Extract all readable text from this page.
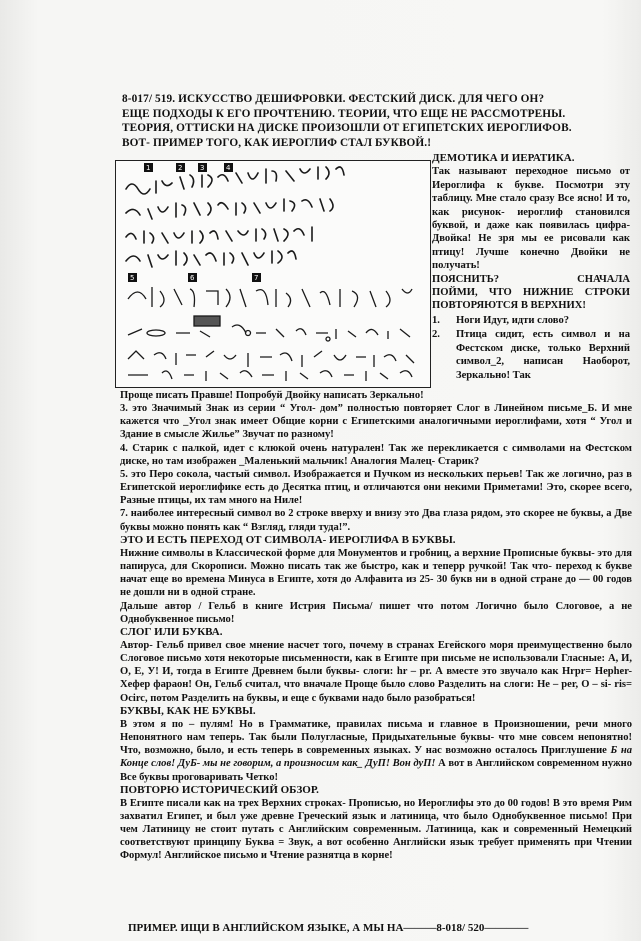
8-017/ 519. ИСКУССТВО ДЕШИФРОВКИ. ФЕСТСКИЙ ДИСК. ДЛЯ ЧЕГО ОН?
ЕЩЕ ПОДХОДЫ К ЕГО ПРОЧТЕНИЮ. ТЕОРИИ, ЧТО ЕЩЕ НЕ РАССМОТРЕНЫ.
ТЕОРИЯ, ОТТИСКИ НА ДИСКЕ ПРОИЗОШЛИ ОТ ЕГИПЕТСКИХ ИЕРОГЛИФОВ.
ВОТ- ПРИМЕР ТОГО, КАК ИЕРОГЛИФ СТАЛ БУКВОЙ.!
1	2	3	4
5	6	7
ДЕМОТИКА И ИЕРАТИКА.

Так называют переходное письмо от Иероглифа к букве. Посмотри эту таблицу. Мне стало сразу Все ясно! И то, как рисунок- иероглиф становился буквой, и даже как появилась цифра- Двойка! Не зря мы ее рисовали как птицу! Лучше конечно Двойки не получать!

ПОЯСНИТЬ?	СНАЧАЛА

ПОЙМИ, ЧТО НИЖНИЕ СТРОКИ ПОВТОРЯЮТСЯ В ВЕРХНИХ!

1.	Ноги Идут, идти слово?
2.	Птица сидит, есть символ и на Фестском диске, только Верхний символ_2, написан Наоборот, Зеркально! Так

Проще писать Правше! Попробуй Двойку написать Зеркально!

3. это Значимый Знак из серии “ Угол- дом” полностью повторяет Слог в Линейном письме_Б. И мне кажется что _Угол знак имеет Общие корни с Египетскими аналогичными иероглифами, хотя “ Угол и Здание в смысле Жилье” Звучат по разному!

4. Старик с палкой, идет с клюкой очень натурален! Так же перекликается с символами на Фестском диске, но там изображен _Маленький мальчик! Аналогия Малец- Старик?

5. это Перо сокола, частый символ. Изображается и Пучком из нескольких перьев! Так же логично, раз в Египетской иероглифике есть до Десятка птиц, и отличаются они некими Приметами! Это, скорее всего, Разные птицы, их там много на Ниле!

7. наиболее интересный символ во 2 строке вверху и внизу это Два глаза рядом, это скорее не буквы, а Две буквы можно понять как “ Взгляд, гляди туда!”.

ЭТО И ЕСТЬ ПЕРЕХОД ОТ СИМВОЛА- ИЕРОГЛИФА В БУКВЫ.

Нижние символы в Классической форме для Монументов и гробниц, а верхние Прописные буквы- это для папируса, для Скорописи. Можно писать так же быстро, как и теперр ручкой! Так что- переход к букве начат еще во времена Минуса в Египте, хотя до Алфавита из 25- 30 букв ни в одной стране до — 00 годов не дошли ни в одной стране.

Дальше автор / Гельб в книге Истрия Письма/ пишет что потом Логично было Слоговое, а не Однобуквенное письмо!

СЛОГ ИЛИ БУКВА.

Автор- Гельб привел свое мнение насчет того, почему в странах Егейского моря преимущественно было Слоговое письмо хотя некоторые письменности, как в Египте при письме не использовали Гласные: А, И, О, Е, У! И, тогда в Египте Древнем были буквы- слоги: hr – pr. А вместе это звучало как Hrpr= Hepher- Хефер фараон! Он, Гельб считал, что вначале Проще было слово Разделить на слоги: He – per, O – si- ris= Ocirc, потом Разделить на буквы, и еще с буквами надо было разобраться!

БУКВЫ, КАК НЕ БУКВЫ.

В этом я по – пулям! Но в Грамматике, правилах письма и главное в Произношении, речи много Непонятного нам теперь. Так были Полугласные, Придыхательные буквы- что мне совсем непонятно! Что, возможно, было, и есть теперь в современных языках. У нас возможно осталось Приглушение Б на Конце слов! ДуБ- мы не говорим, а произносим как_ ДуП! Вон дуП! А вот в Английском современном нужно Все буквы проговаривать Четко!

ПОВТОРЮ ИСТОРИЧЕСКИЙ ОБЗОР.

В Египте писали как на трех Верхних строках- Прописью, но Иероглифы это до 00 годов! В это время Рим захватил Египет, и был уже древне Греческий язык и латиница, что было Однобуквенное письмо! При чем Латиницу не стоит путать с Английским современным. Латиница, как и современный Немецкий соответствуют принципу Буква = Звук, а вот особенно Английски язык требует применять при Чтении Формул! Английское письмо и Чтение разнятца в корне!

ПРИМЕР. ИЩИ В АНГЛИЙСКОМ ЯЗЫКЕ, А МЫ НА———8-018/ 520————
